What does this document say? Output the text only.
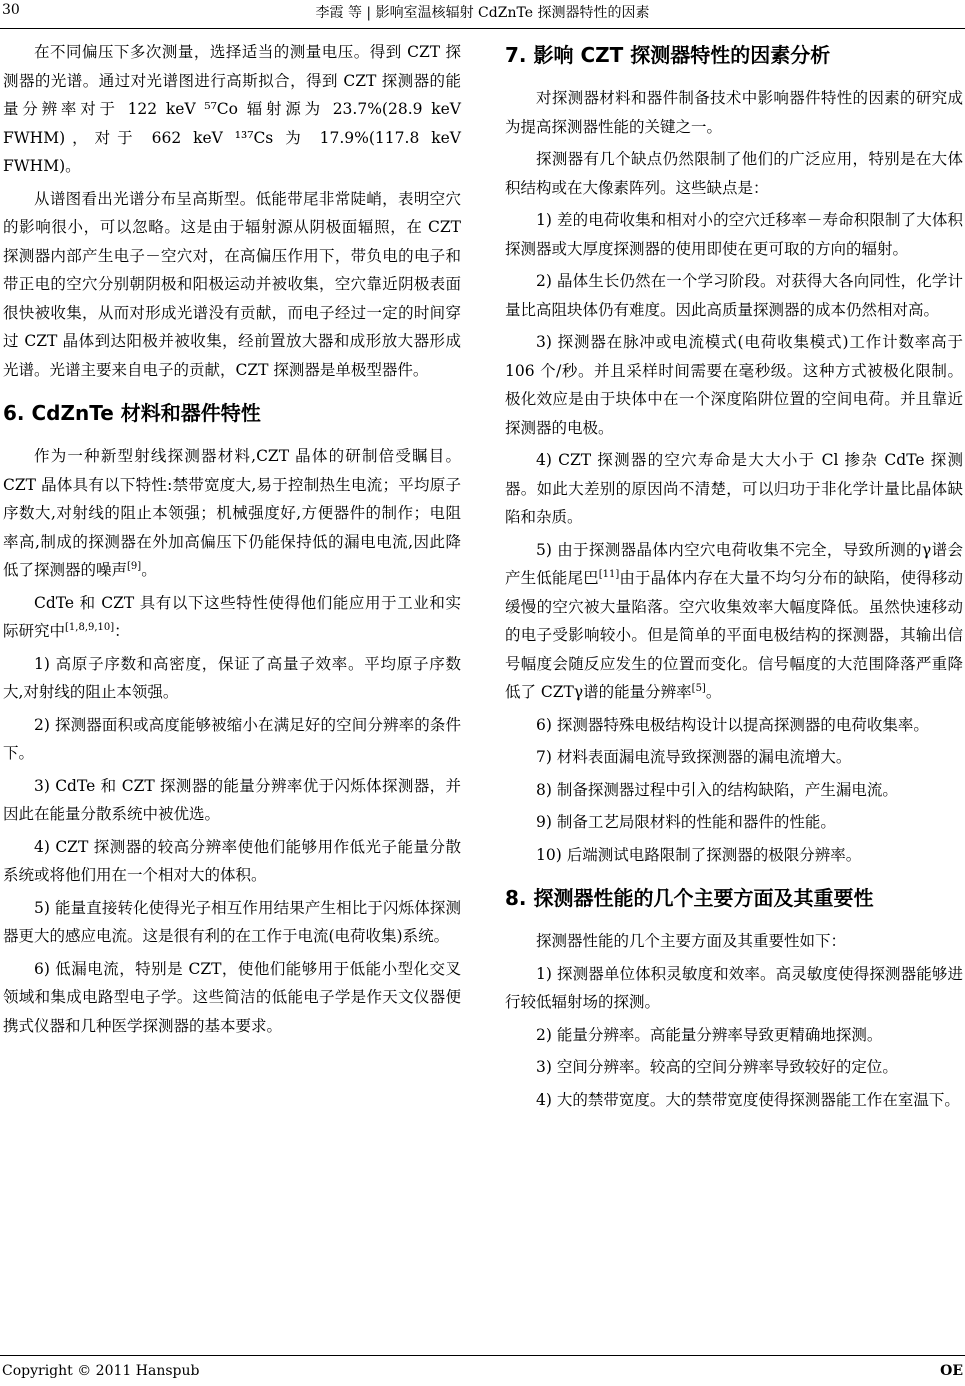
30	李霞 等 | 影响室温核辐射 CdZnTe 探测器特性的因素

在不同偏压下多次测量，选择适当的测量电压。得到 CZT 探测器的光谱。通过对光谱图进行高斯拟合，得到 CZT 探测器的能量分辨率对于 122 keV ⁵⁷Co 辐射源为 23.7%(28.9 keV FWHM)，对于 662 keV ¹³⁷Cs 为 17.9%(117.8 keV FWHM)。

从谱图看出光谱分布呈高斯型。低能带尾非常陡峭，表明空穴的影响很小，可以忽略。这是由于辐射源从阴极面辐照，在 CZT 探测器内部产生电子－空穴对，在高偏压作用下，带负电的电子和带正电的空穴分别朝阴极和阳极运动并被收集，空穴靠近阴极表面很快被收集，从而对形成光谱没有贡献，而电子经过一定的时间穿过 CZT 晶体到达阳极并被收集，经前置放大器和成形放大器形成光谱。光谱主要来自电子的贡献，CZT 探测器是单极型器件。

6. CdZnTe 材料和器件特性

作为一种新型射线探测器材料,CZT 晶体的研制倍受瞩目。CZT 晶体具有以下特性:禁带宽度大,易于控制热生电流；平均原子序数大,对射线的阻止本领强；机械强度好,方便器件的制作；电阻率高,制成的探测器在外加高偏压下仍能保持低的漏电电流,因此降低了探测器的噪声[9]。

CdTe 和 CZT 具有以下这些特性使得他们能应用于工业和实际研究中[1,8,9,10]：

1) 高原子序数和高密度，保证了高量子效率。平均原子序数大,对射线的阻止本领强。

2) 探测器面积或高度能够被缩小在满足好的空间分辨率的条件下。

3) CdTe 和 CZT 探测器的能量分辨率优于闪烁体探测器，并因此在能量分散系统中被优选。

4) CZT 探测器的较高分辨率使他们能够用作低光子能量分散系统或将他们用在一个相对大的体积。

5) 能量直接转化使得光子相互作用结果产生相比于闪烁体探测器更大的感应电流。这是很有利的在工作于电流(电荷收集)系统。

6) 低漏电流，特别是 CZT，使他们能够用于低能小型化交叉领域和集成电路型电子学。这些简洁的低能电子学是作天文仪器便携式仪器和几种医学探测器的基本要求。

7. 影响 CZT 探测器特性的因素分析

对探测器材料和器件制备技术中影响器件特性的因素的研究成为提高探测器性能的关键之一。

探测器有几个缺点仍然限制了他们的广泛应用，特别是在大体积结构或在大像素阵列。这些缺点是：

1) 差的电荷收集和相对小的空穴迁移率－寿命积限制了大体积探测器或大厚度探测器的使用即使在更可取的方向的辐射。

2) 晶体生长仍然在一个学习阶段。对获得大各向同性，化学计量比高阻块体仍有难度。因此高质量探测器的成本仍然相对高。

3) 探测器在脉冲或电流模式(电荷收集模式)工作计数率高于 106 个/秒。并且采样时间需要在毫秒级。这种方式被极化限制。极化效应是由于块体中在一个深度陷阱位置的空间电荷。并且靠近探测器的电极。

4) CZT 探测器的空穴寿命是大大小于 Cl 掺杂 CdTe 探测器。如此大差别的原因尚不清楚，可以归功于非化学计量比晶体缺陷和杂质。

5) 由于探测器晶体内空穴电荷收集不完全，导致所测的γ谱会产生低能尾巴[11]由于晶体内存在大量不均匀分布的缺陷，使得移动缓慢的空穴被大量陷落。空穴收集效率大幅度降低。虽然快速移动的电子受影响较小。但是简单的平面电极结构的探测器，其输出信号幅度会随反应发生的位置而变化。信号幅度的大范围降落严重降低了 CZTγ谱的能量分辨率[5]。

6) 探测器特殊电极结构设计以提高探测器的电荷收集率。

7) 材料表面漏电流导致探测器的漏电流增大。

8) 制备探测器过程中引入的结构缺陷，产生漏电流。

9) 制备工艺局限材料的性能和器件的性能。

10) 后端测试电路限制了探测器的极限分辨率。

8. 探测器性能的几个主要方面及其重要性

探测器性能的几个主要方面及其重要性如下：

1) 探测器单位体积灵敏度和效率。高灵敏度使得探测器能够进行较低辐射场的探测。

2) 能量分辨率。高能量分辨率导致更精确地探测。

3) 空间分辨率。较高的空间分辨率导致较好的定位。

4) 大的禁带宽度。大的禁带宽度使得探测器能工作在室温下。

Copyright © 2011 Hanspub	OE
